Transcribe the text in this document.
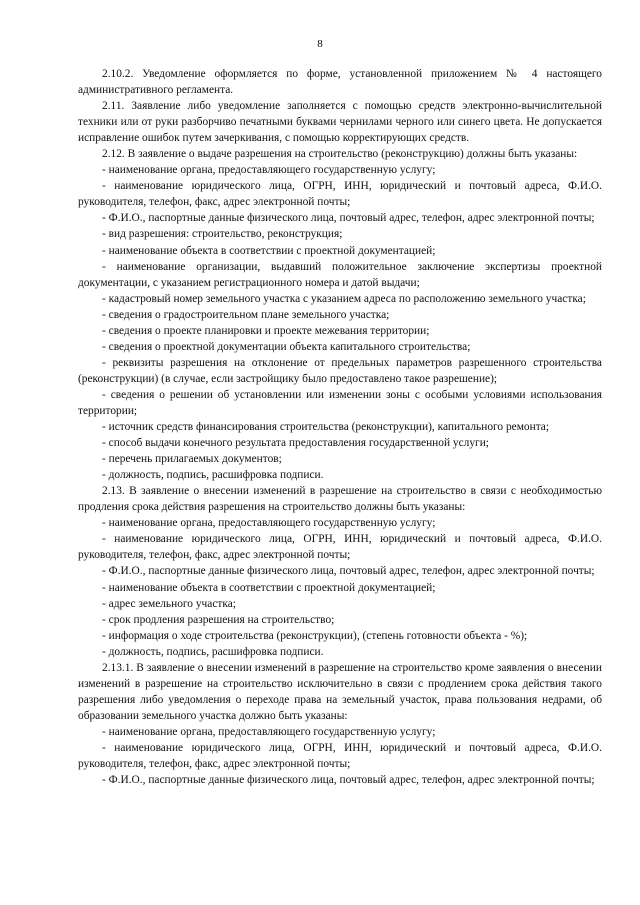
8

2.10.2. Уведомление оформляется по форме, установленной приложением № 4 настоящего административного регламента.

2.11. Заявление либо уведомление заполняется с помощью средств электронно-вычислительной техники или от руки разборчиво печатными буквами чернилами черного или синего цвета. Не допускается исправление ошибок путем зачеркивания, с помощью корректирующих средств.

2.12. В заявление о выдаче разрешения на строительство (реконструкцию) должны быть указаны:

- наименование органа, предоставляющего государственную услугу;

- наименование юридического лица, ОГРН, ИНН, юридический и почтовый адреса, Ф.И.О. руководителя, телефон, факс, адрес электронной почты;

- Ф.И.О., паспортные данные физического лица, почтовый адрес, телефон, адрес электронной почты;

- вид разрешения: строительство, реконструкция;

- наименование объекта в соответствии с проектной документацией;

- наименование организации, выдавший положительное заключение экспертизы проектной документации, с указанием регистрационного номера и датой выдачи;

- кадастровый номер земельного участка с указанием адреса по расположению земельного участка;

- сведения о градостроительном плане земельного участка;

- сведения о проекте планировки и проекте межевания территории;

- сведения о проектной документации объекта капитального строительства;

- реквизиты разрешения на отклонение от предельных параметров разрешенного строительства (реконструкции) (в случае, если застройщику было предоставлено такое разрешение);

- сведения о решении об установлении или изменении зоны с особыми условиями использования территории;

- источник средств финансирования строительства (реконструкции), капитального ремонта;

- способ выдачи конечного результата предоставления государственной услуги;

- перечень прилагаемых документов;

- должность, подпись, расшифровка подписи.

2.13. В заявление о внесении изменений в разрешение на строительство в связи с необходимостью продления срока действия разрешения на строительство должны быть указаны:

- наименование органа, предоставляющего государственную услугу;

- наименование юридического лица, ОГРН, ИНН, юридический и почтовый адреса, Ф.И.О. руководителя, телефон, факс, адрес электронной почты;

- Ф.И.О., паспортные данные физического лица, почтовый адрес, телефон, адрес электронной почты;

- наименование объекта в соответствии с проектной документацией;

- адрес земельного участка;

- срок продления разрешения на строительство;

- информация о ходе строительства (реконструкции), (степень готовности объекта - %);

- должность, подпись, расшифровка подписи.

2.13.1. В заявление о внесении изменений в разрешение на строительство кроме заявления о внесении изменений в разрешение на строительство исключительно в связи с продлением срока действия такого разрешения либо уведомления о переходе права на земельный участок, права пользования недрами, об образовании земельного участка должно быть указаны:

- наименование органа, предоставляющего государственную услугу;

- наименование юридического лица, ОГРН, ИНН, юридический и почтовый адреса, Ф.И.О. руководителя, телефон, факс, адрес электронной почты;

- Ф.И.О., паспортные данные физического лица, почтовый адрес, телефон, адрес электронной почты;
